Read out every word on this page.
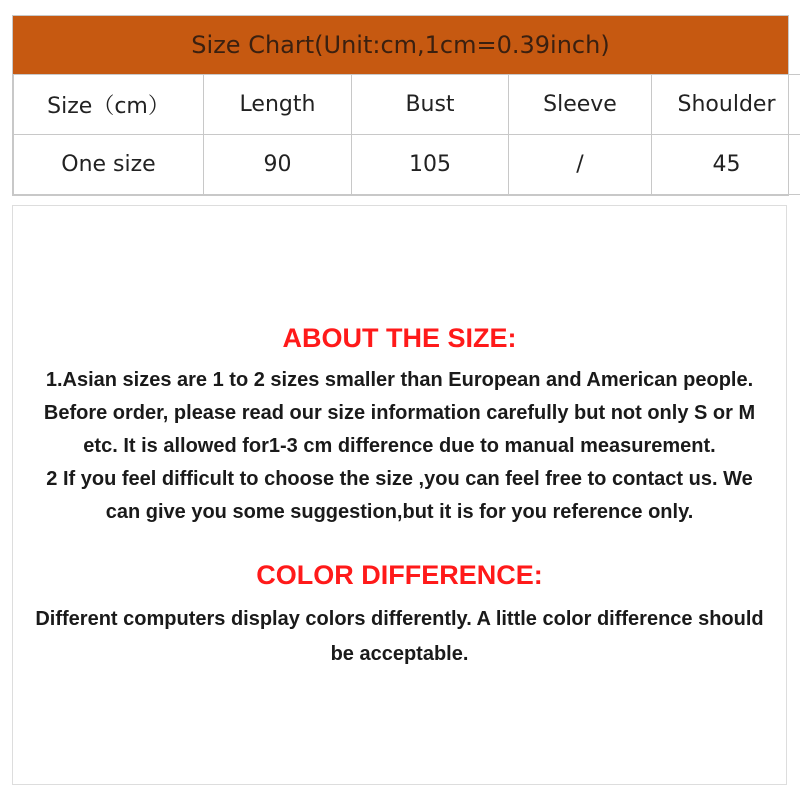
Size Chart(Unit:cm,1cm=0.39inch)
Size（cm）	Length	Bust	Sleeve	Shoulder
One size	90	105	/	45
ABOUT THE SIZE:

1.Asian sizes are 1 to 2 sizes smaller than European and American people.

Before order, please read our size information carefully but not only S or M

etc. It is allowed for1-3 cm difference due to manual measurement.

2 If you feel difficult to choose the size ,you can feel free to contact us. We

can give you some suggestion,but it is for you reference only.

COLOR DIFFERENCE:

Different computers display colors differently. A little color difference should

be acceptable.
